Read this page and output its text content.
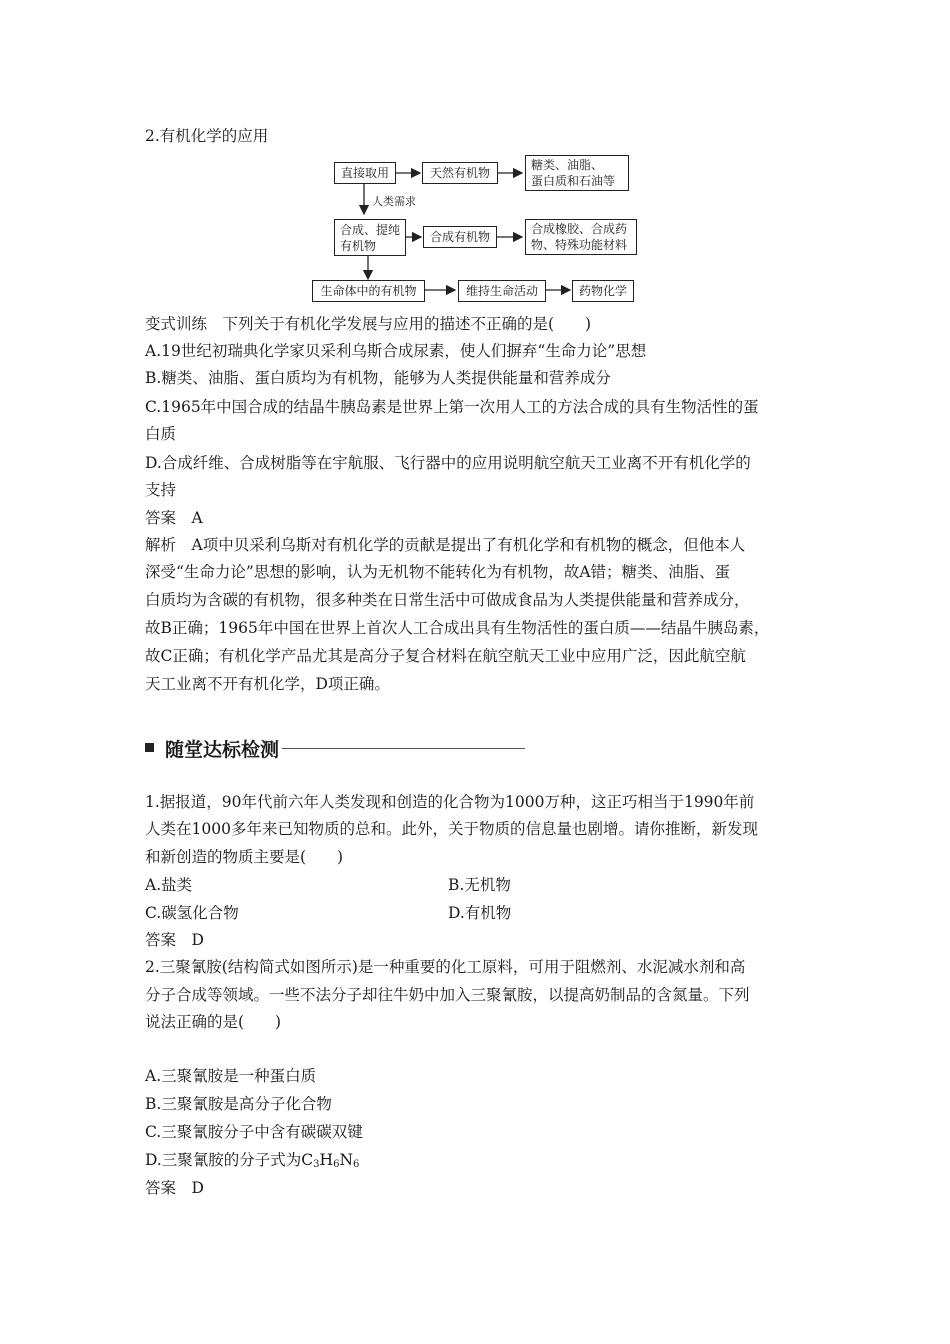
2.有机化学的应用
直接取用	天然有机物
糖类、油脂、
蛋白质和石油等
人类需求
合成、提纯
有机物
合成有机物
合成橡胶、合成药
物、特殊功能材料
生命体中的有机物	维持生命活动	药物化学
变式训练　下列关于有机化学发展与应用的描述不正确的是(　　)
A.19世纪初瑞典化学家贝采利乌斯合成尿素，使人们摒弃“生命力论”思想
B.糖类、油脂、蛋白质均为有机物，能够为人类提供能量和营养成分
C.1965年中国合成的结晶牛胰岛素是世界上第一次用人工的方法合成的具有生物活性的蛋
白质
D.合成纤维、合成树脂等在宇航服、飞行器中的应用说明航空航天工业离不开有机化学的
支持
答案　A
解析　A项中贝采利乌斯对有机化学的贡献是提出了有机化学和有机物的概念，但他本人
深受“生命力论”思想的影响，认为无机物不能转化为有机物，故A错；糖类、油脂、蛋
白质均为含碳的有机物，很多种类在日常生活中可做成食品为人类提供能量和营养成分，
故B正确；1965年中国在世界上首次人工合成出具有生物活性的蛋白质——结晶牛胰岛素，
故C正确；有机化学产品尤其是高分子复合材料在航空航天工业中应用广泛，因此航空航
天工业离不开有机化学，D项正确。
随堂达标检测
1.据报道，90年代前六年人类发现和创造的化合物为1000万种，这正巧相当于1990年前
人类在1000多年来已知物质的总和。此外，关于物质的信息量也剧增。请你推断，新发现
和新创造的物质主要是(　　)
A.盐类	B.无机物
C.碳氢化合物	D.有机物
答案　D
2.三聚氰胺(结构简式如图所示)是一种重要的化工原料，可用于阻燃剂、水泥减水剂和高
分子合成等领域。一些不法分子却往牛奶中加入三聚氰胺，以提高奶制品的含氮量。下列
说法正确的是(　　)
A.三聚氰胺是一种蛋白质
B.三聚氰胺是高分子化合物
C.三聚氰胺分子中含有碳碳双键
D.三聚氰胺的分子式为$C_3H_6N_6$
答案　D
